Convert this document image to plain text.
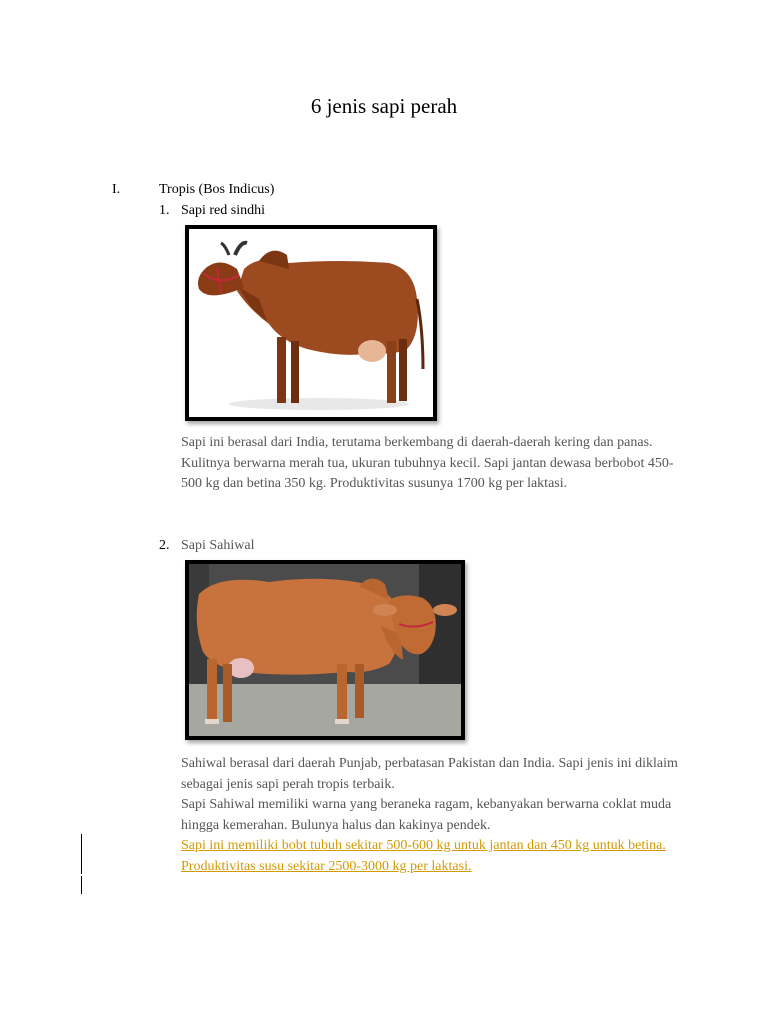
6 jenis sapi perah
I.	Tropis (Bos Indicus)
1. Sapi red sindhi

Sapi ini berasal dari India, terutama berkembang di daerah-daerah kering dan panas. Kulitnya berwarna merah tua, ukuran tubuhnya kecil. Sapi jantan dewasa berbobot 450-500 kg dan betina 350 kg. Produktivitas susunya 1700 kg per laktasi.

2. Sapi Sahiwal

Sahiwal berasal dari daerah Punjab, perbatasan Pakistan dan India. Sapi jenis ini diklaim sebagai jenis sapi perah tropis terbaik.

Sapi Sahiwal memiliki warna yang beraneka ragam, kebanyakan berwarna coklat muda hingga kemerahan. Bulunya halus dan kakinya pendek.

Sapi ini memiliki bobt tubuh sekitar 500-600 kg untuk jantan dan 450 kg untuk betina. Produktivitas susu sekitar 2500-3000 kg per laktasi.
